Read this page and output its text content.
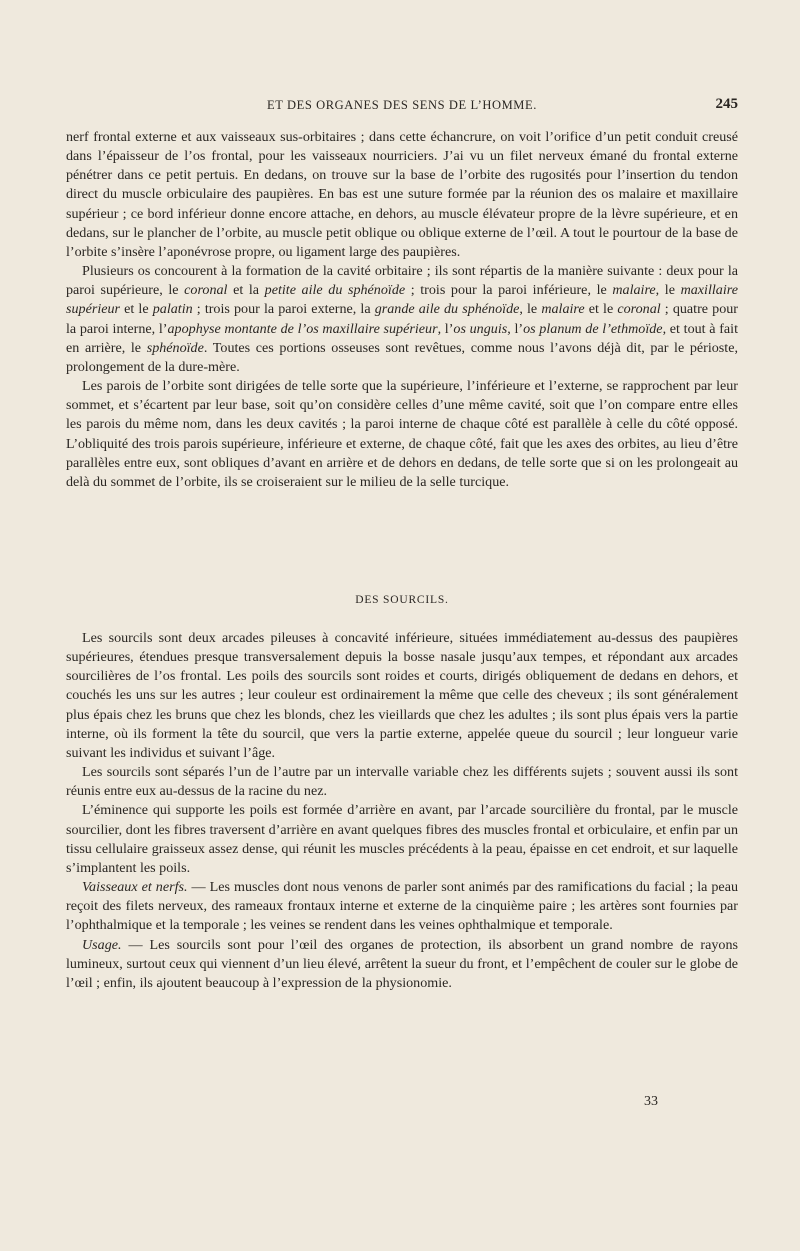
ET DES ORGANES DES SENS DE L’HOMME.	245

nerf frontal externe et aux vaisseaux sus-orbitaires ; dans cette échancrure, on voit l’orifice d’un petit conduit creusé dans l’épaisseur de l’os frontal, pour les vaisseaux nourriciers. J’ai vu un filet nerveux émané du frontal externe pénétrer dans ce petit pertuis. En dedans, on trouve sur la base de l’orbite des rugosités pour l’insertion du tendon direct du muscle orbiculaire des paupières. En bas est une suture formée par la réunion des os malaire et maxillaire supérieur ; ce bord inférieur donne encore attache, en dehors, au muscle élévateur propre de la lèvre supérieure, et en dedans, sur le plancher de l’orbite, au muscle petit oblique ou oblique externe de l’œil. A tout le pourtour de la base de l’orbite s’insère l’aponévrose propre, ou ligament large des paupières.

Plusieurs os concourent à la formation de la cavité orbitaire ; ils sont répartis de la manière suivante : deux pour la paroi supérieure, le coronal et la petite aile du sphénoïde ; trois pour la paroi inférieure, le malaire, le maxillaire supérieur et le palatin ; trois pour la paroi externe, la grande aile du sphénoïde, le malaire et le coronal ; quatre pour la paroi interne, l’apophyse montante de l’os maxillaire supérieur, l’os unguis, l’os planum de l’ethmoïde, et tout à fait en arrière, le sphénoïde. Toutes ces portions osseuses sont revêtues, comme nous l’avons déjà dit, par le périoste, prolongement de la dure-mère.

Les parois de l’orbite sont dirigées de telle sorte que la supérieure, l’inférieure et l’externe, se rapprochent par leur sommet, et s’écartent par leur base, soit qu’on considère celles d’une même cavité, soit que l’on compare entre elles les parois du même nom, dans les deux cavités ; la paroi interne de chaque côté est parallèle à celle du côté opposé. L’obliquité des trois parois supérieure, inférieure et externe, de chaque côté, fait que les axes des orbites, au lieu d’être parallèles entre eux, sont obliques d’avant en arrière et de dehors en dedans, de telle sorte que si on les prolongeait au delà du sommet de l’orbite, ils se croiseraient sur le milieu de la selle turcique.

DES SOURCILS.

Les sourcils sont deux arcades pileuses à concavité inférieure, situées immédiatement au-dessus des paupières supérieures, étendues presque transversalement depuis la bosse nasale jusqu’aux tempes, et répondant aux arcades sourcilières de l’os frontal. Les poils des sourcils sont roides et courts, dirigés obliquement de dedans en dehors, et couchés les uns sur les autres ; leur couleur est ordinairement la même que celle des cheveux ; ils sont généralement plus épais chez les bruns que chez les blonds, chez les vieillards que chez les adultes ; ils sont plus épais vers la partie interne, où ils forment la tête du sourcil, que vers la partie externe, appelée queue du sourcil ; leur longueur varie suivant les individus et suivant l’âge.

Les sourcils sont séparés l’un de l’autre par un intervalle variable chez les différents sujets ; souvent aussi ils sont réunis entre eux au-dessus de la racine du nez.

L’éminence qui supporte les poils est formée d’arrière en avant, par l’arcade sourcilière du frontal, par le muscle sourcilier, dont les fibres traversent d’arrière en avant quelques fibres des muscles frontal et orbiculaire, et enfin par un tissu cellulaire graisseux assez dense, qui réunit les muscles précédents à la peau, épaisse en cet endroit, et sur laquelle s’implantent les poils.

Vaisseaux et nerfs. — Les muscles dont nous venons de parler sont animés par des ramifications du facial ; la peau reçoit des filets nerveux, des rameaux frontaux interne et externe de la cinquième paire ; les artères sont fournies par l’ophthalmique et la temporale ; les veines se rendent dans les veines ophthalmique et temporale.

Usage. — Les sourcils sont pour l’œil des organes de protection, ils absorbent un grand nombre de rayons lumineux, surtout ceux qui viennent d’un lieu élevé, arrêtent la sueur du front, et l’empêchent de couler sur le globe de l’œil ; enfin, ils ajoutent beaucoup à l’expression de la physionomie.

33
